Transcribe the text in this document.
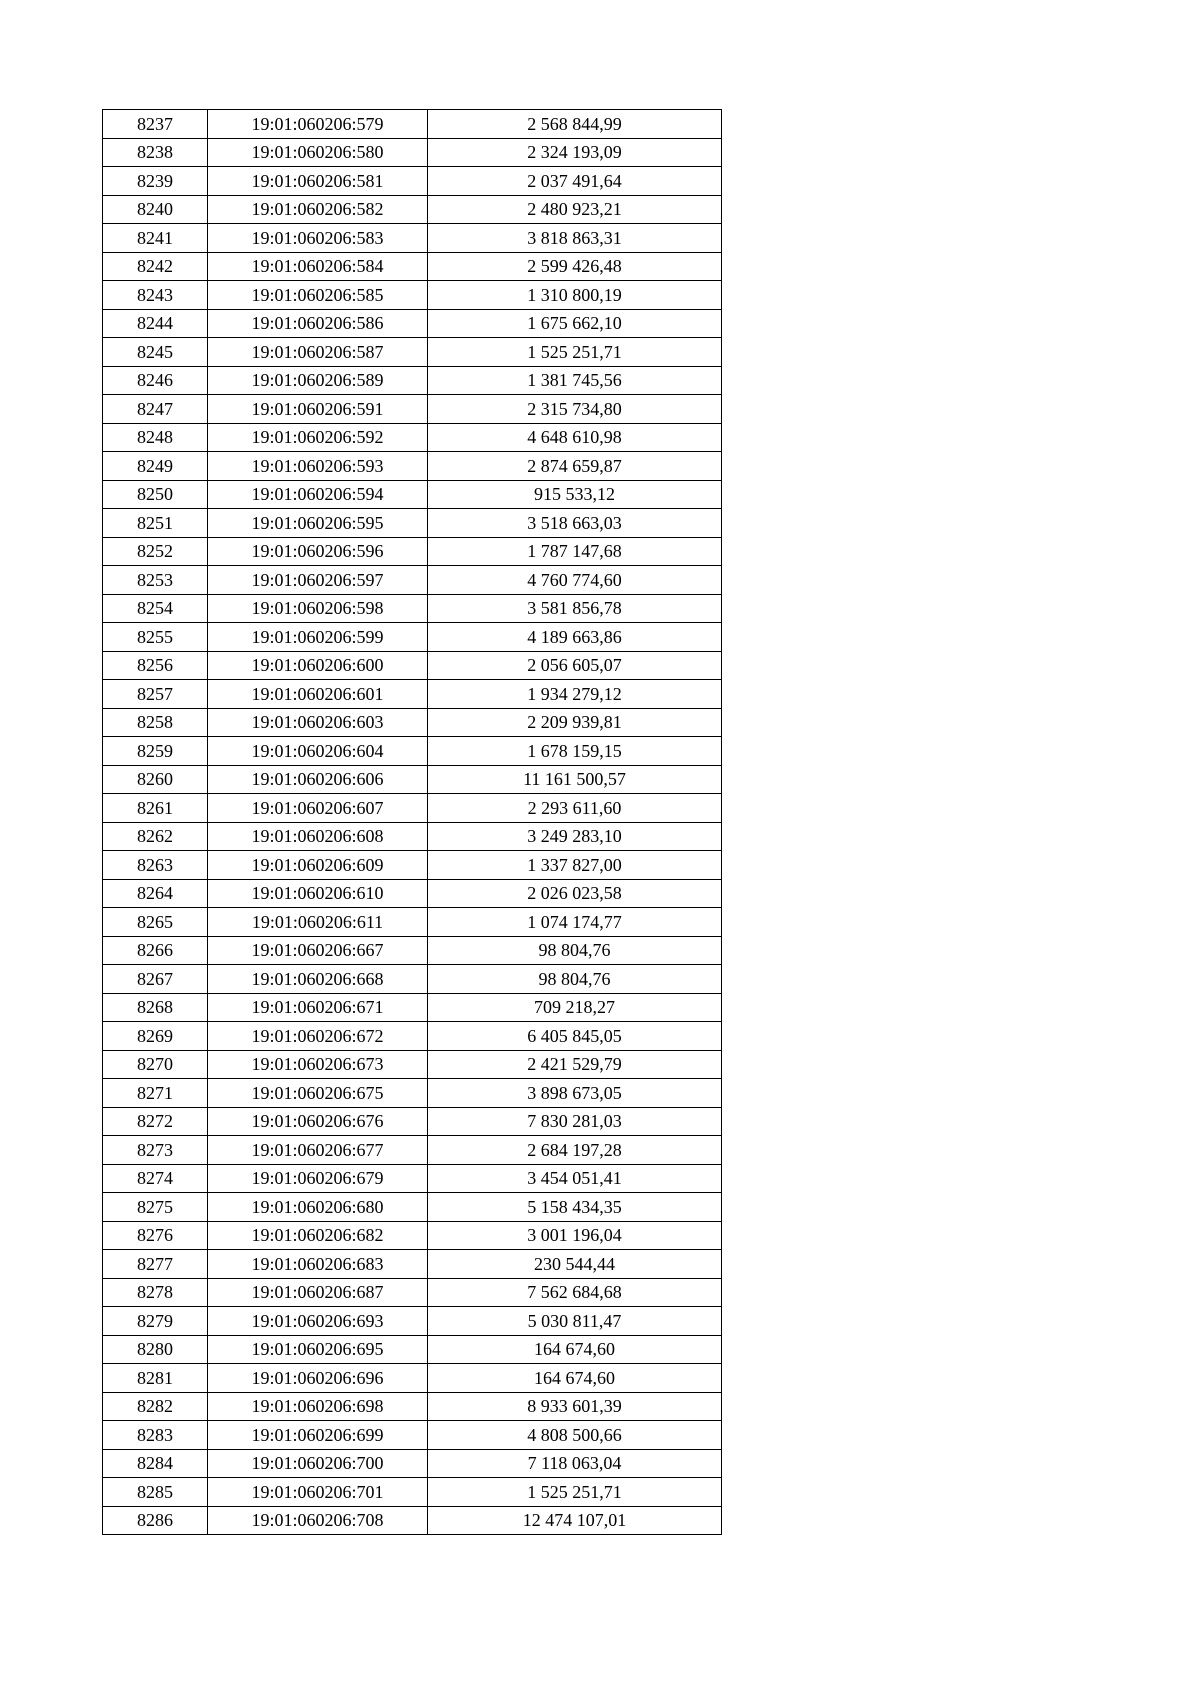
8237	19:01:060206:579	2 568 844,99
8238	19:01:060206:580	2 324 193,09
8239	19:01:060206:581	2 037 491,64
8240	19:01:060206:582	2 480 923,21
8241	19:01:060206:583	3 818 863,31
8242	19:01:060206:584	2 599 426,48
8243	19:01:060206:585	1 310 800,19
8244	19:01:060206:586	1 675 662,10
8245	19:01:060206:587	1 525 251,71
8246	19:01:060206:589	1 381 745,56
8247	19:01:060206:591	2 315 734,80
8248	19:01:060206:592	4 648 610,98
8249	19:01:060206:593	2 874 659,87
8250	19:01:060206:594	915 533,12
8251	19:01:060206:595	3 518 663,03
8252	19:01:060206:596	1 787 147,68
8253	19:01:060206:597	4 760 774,60
8254	19:01:060206:598	3 581 856,78
8255	19:01:060206:599	4 189 663,86
8256	19:01:060206:600	2 056 605,07
8257	19:01:060206:601	1 934 279,12
8258	19:01:060206:603	2 209 939,81
8259	19:01:060206:604	1 678 159,15
8260	19:01:060206:606	11 161 500,57
8261	19:01:060206:607	2 293 611,60
8262	19:01:060206:608	3 249 283,10
8263	19:01:060206:609	1 337 827,00
8264	19:01:060206:610	2 026 023,58
8265	19:01:060206:611	1 074 174,77
8266	19:01:060206:667	98 804,76
8267	19:01:060206:668	98 804,76
8268	19:01:060206:671	709 218,27
8269	19:01:060206:672	6 405 845,05
8270	19:01:060206:673	2 421 529,79
8271	19:01:060206:675	3 898 673,05
8272	19:01:060206:676	7 830 281,03
8273	19:01:060206:677	2 684 197,28
8274	19:01:060206:679	3 454 051,41
8275	19:01:060206:680	5 158 434,35
8276	19:01:060206:682	3 001 196,04
8277	19:01:060206:683	230 544,44
8278	19:01:060206:687	7 562 684,68
8279	19:01:060206:693	5 030 811,47
8280	19:01:060206:695	164 674,60
8281	19:01:060206:696	164 674,60
8282	19:01:060206:698	8 933 601,39
8283	19:01:060206:699	4 808 500,66
8284	19:01:060206:700	7 118 063,04
8285	19:01:060206:701	1 525 251,71
8286	19:01:060206:708	12 474 107,01
